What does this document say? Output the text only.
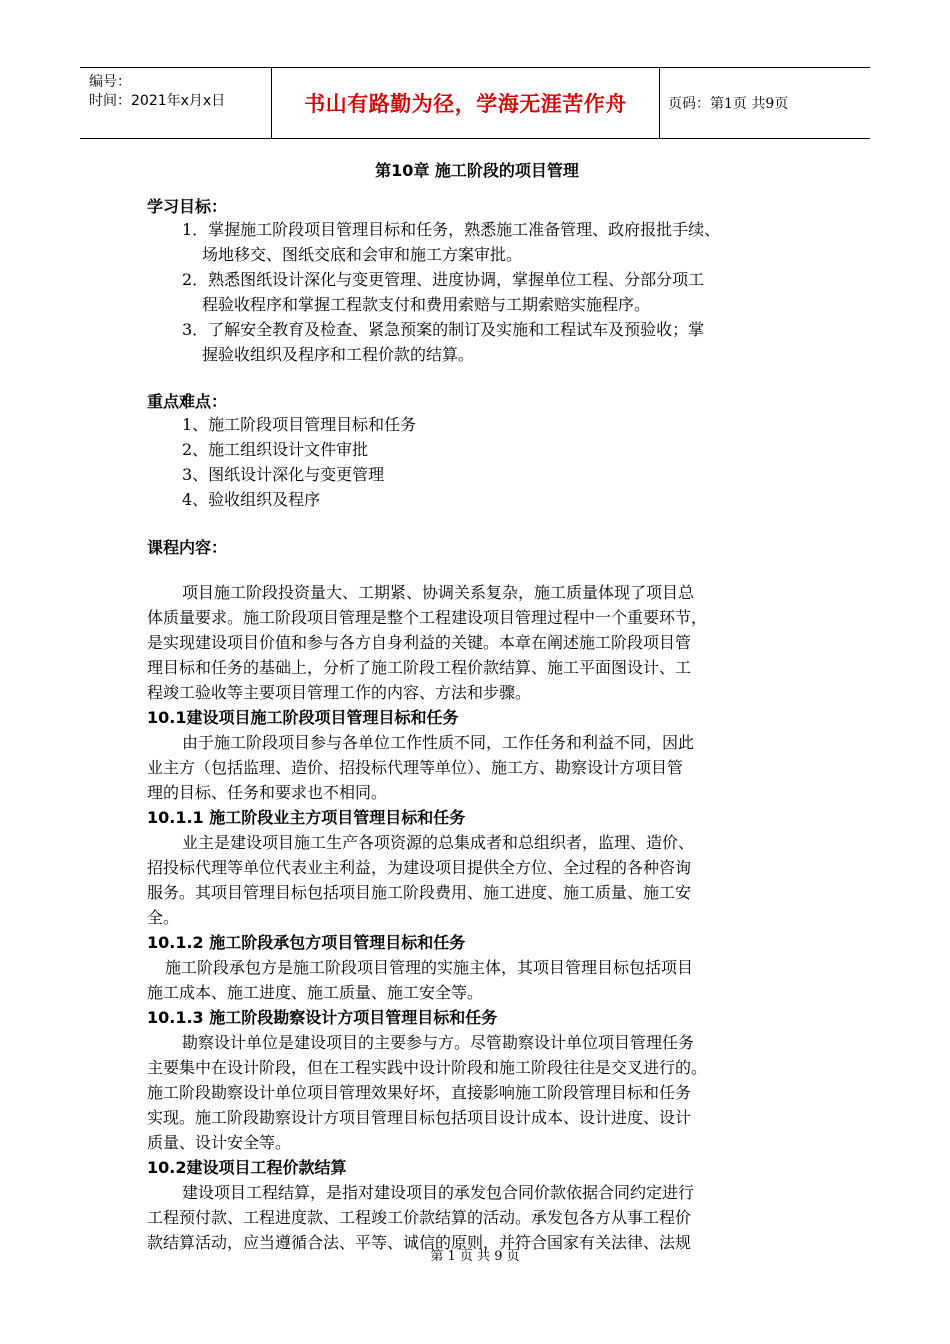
编号：
时间：2021年x月x日	书山有路勤为径，学海无涯苦作舟	页码：第1页 共9页
第10章 施工阶段的项目管理
学习目标：
1．掌握施工阶段项目管理目标和任务，熟悉施工准备管理、政府报批手续、
场地移交、图纸交底和会审和施工方案审批。
2．熟悉图纸设计深化与变更管理、进度协调，掌握单位工程、分部分项工
程验收程序和掌握工程款支付和费用索赔与工期索赔实施程序。
3．了解安全教育及检查、紧急预案的制订及实施和工程试车及预验收；掌
握验收组织及程序和工程价款的结算。
重点难点：
1、施工阶段项目管理目标和任务
2、施工组织设计文件审批
3、图纸设计深化与变更管理
4、验收组织及程序
课程内容：
项目施工阶段投资量大、工期紧、协调关系复杂，施工质量体现了项目总
体质量要求。施工阶段项目管理是整个工程建设项目管理过程中一个重要环节，
是实现建设项目价值和参与各方自身利益的关键。本章在阐述施工阶段项目管
理目标和任务的基础上，分析了施工阶段工程价款结算、施工平面图设计、工
程竣工验收等主要项目管理工作的内容、方法和步骤。
10.1建设项目施工阶段项目管理目标和任务
由于施工阶段项目参与各单位工作性质不同，工作任务和利益不同，因此
业主方（包括监理、造价、招投标代理等单位）、施工方、勘察设计方项目管
理的目标、任务和要求也不相同。
10.1.1 施工阶段业主方项目管理目标和任务
业主是建设项目施工生产各项资源的总集成者和总组织者，监理、造价、
招投标代理等单位代表业主利益，为建设项目提供全方位、全过程的各种咨询
服务。其项目管理目标包括项目施工阶段费用、施工进度、施工质量、施工安
全。
10.1.2 施工阶段承包方项目管理目标和任务
施工阶段承包方是施工阶段项目管理的实施主体，其项目管理目标包括项目
施工成本、施工进度、施工质量、施工安全等。
10.1.3 施工阶段勘察设计方项目管理目标和任务
勘察设计单位是建设项目的主要参与方。尽管勘察设计单位项目管理任务
主要集中在设计阶段，但在工程实践中设计阶段和施工阶段往往是交叉进行的。
施工阶段勘察设计单位项目管理效果好坏，直接影响施工阶段管理目标和任务
实现。施工阶段勘察设计方项目管理目标包括项目设计成本、设计进度、设计
质量、设计安全等。
10.2建设项目工程价款结算
建设项目工程结算，是指对建设项目的承发包合同价款依据合同约定进行
工程预付款、工程进度款、工程竣工价款结算的活动。承发包各方从事工程价
款结算活动，应当遵循合法、平等、诚信的原则，并符合国家有关法律、法规
第 1 页 共 9 页
